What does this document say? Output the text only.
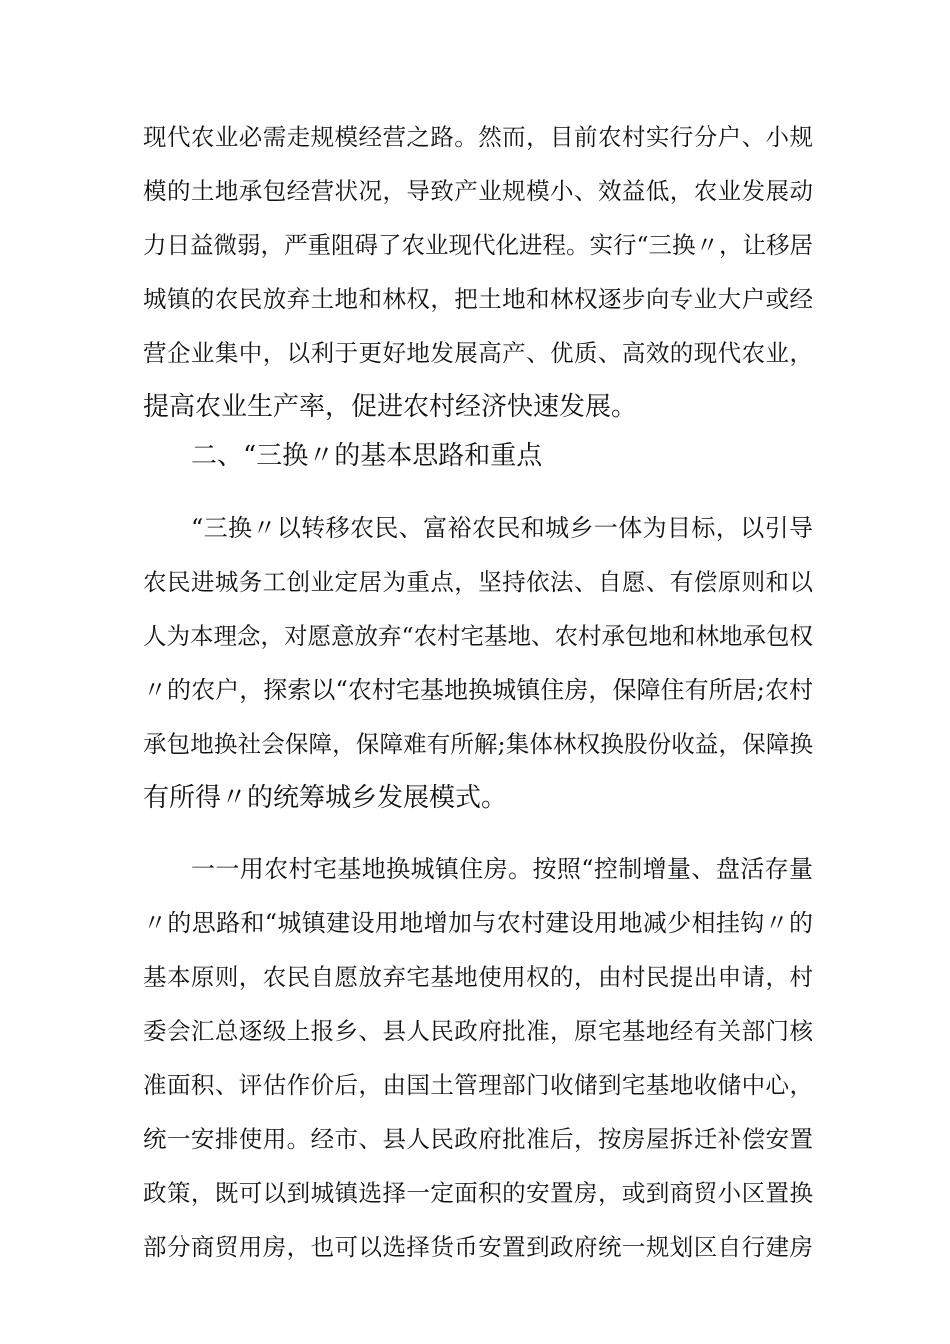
现代农业必需走规模经营之路。然而，目前农村实行分户、小规
模的土地承包经营状况，导致产业规模小、效益低，农业发展动
力日益微弱，严重阻碍了农业现代化进程。实行“三换〃，让移居
城镇的农民放弃土地和林权，把土地和林权逐步向专业大户或经
营企业集中，以利于更好地发展高产、优质、高效的现代农业，
提高农业生产率，促进农村经济快速发展。
二、“三换〃的基本思路和重点
“三换〃以转移农民、富裕农民和城乡一体为目标，以引导
农民进城务工创业定居为重点，坚持依法、自愿、有偿原则和以
人为本理念，对愿意放弃“农村宅基地、农村承包地和林地承包权
〃的农户，探索以“农村宅基地换城镇住房，保障住有所居;农村
承包地换社会保障，保障难有所解;集体林权换股份收益，保障换
有所得〃的统筹城乡发展模式。
一一用农村宅基地换城镇住房。按照“控制增量、盘活存量
〃的思路和“城镇建设用地增加与农村建设用地减少相挂钩〃的
基本原则，农民自愿放弃宅基地使用权的，由村民提出申请，村
委会汇总逐级上报乡、县人民政府批准，原宅基地经有关部门核
准面积、评估作价后，由国土管理部门收储到宅基地收储中心，
统一安排使用。经市、县人民政府批准后，按房屋拆迁补偿安置
政策，既可以到城镇选择一定面积的安置房，或到商贸小区置换
部分商贸用房，也可以选择货币安置到政府统一规划区自行建房
